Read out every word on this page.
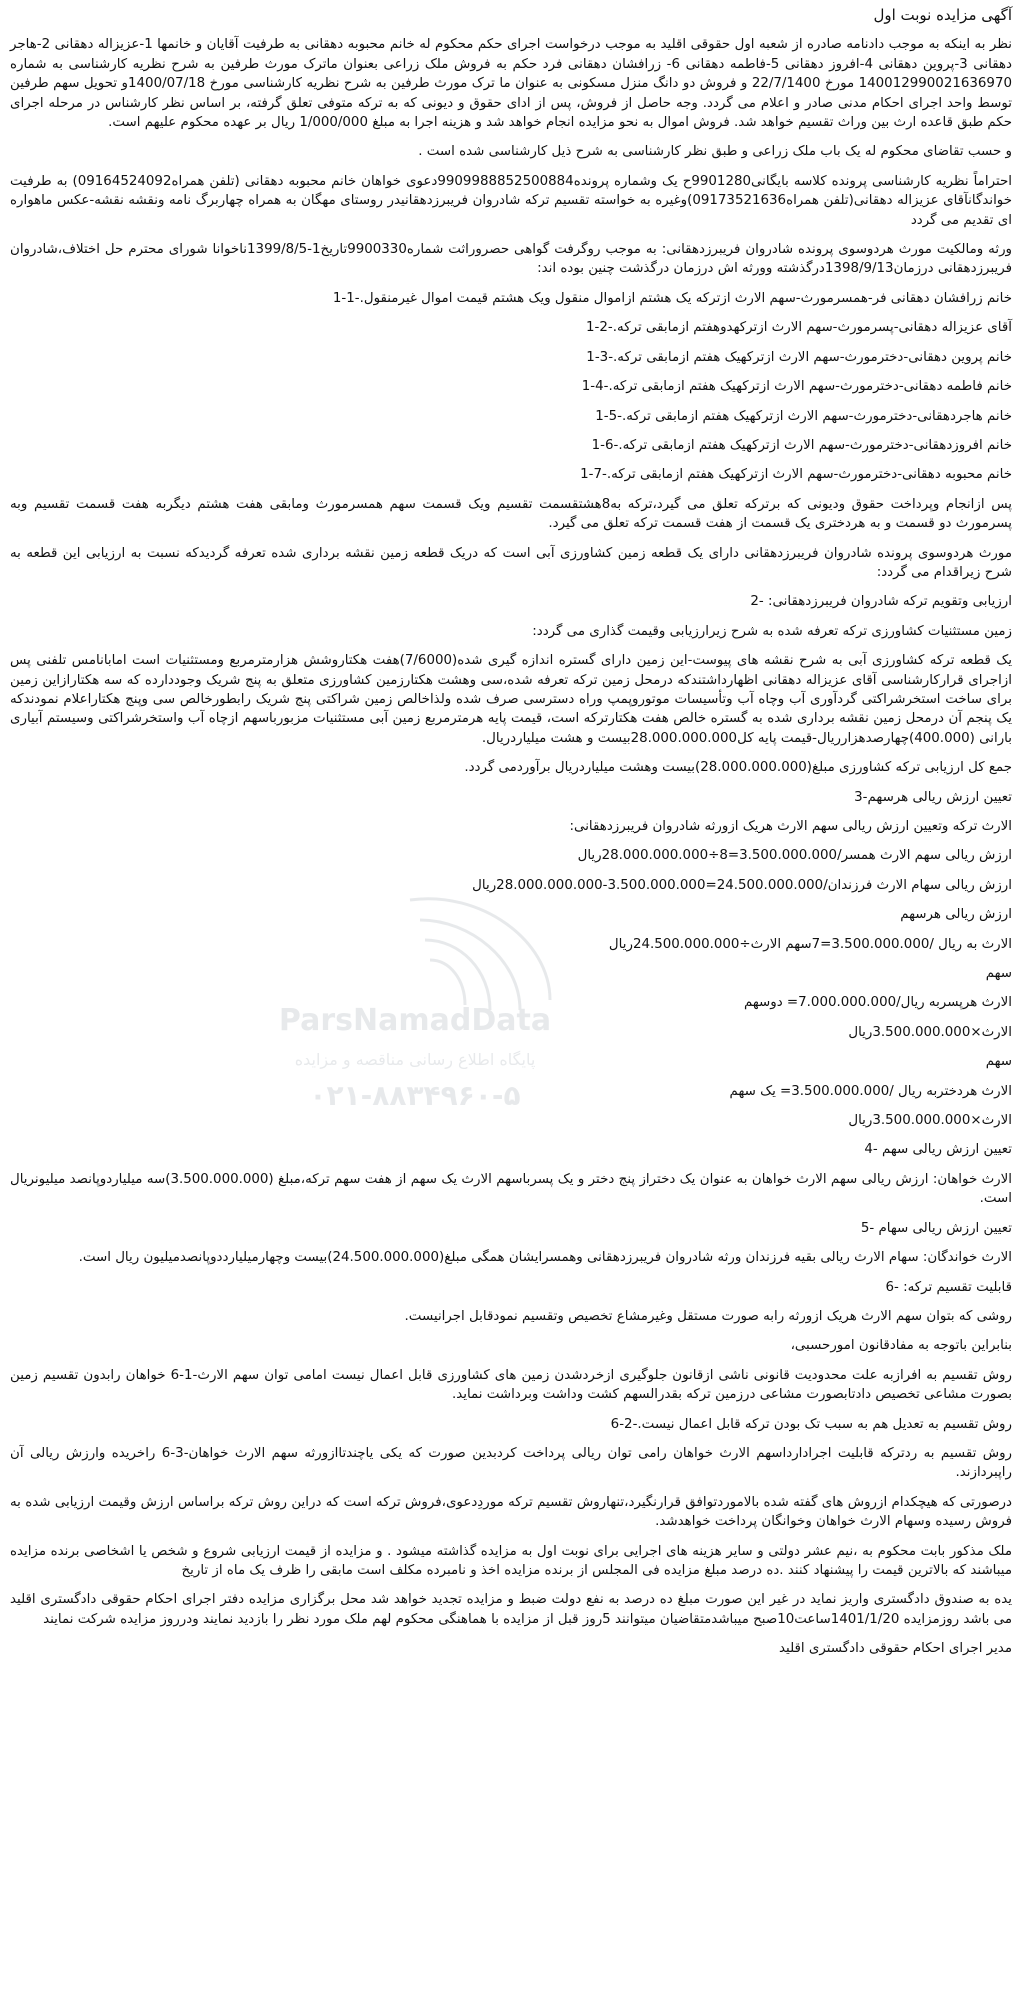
ParsNamadData
پایگاه اطلاع رسانی مناقصه و مزایده
۰۲۱-۸۸۳۴۹۶۰-۵

آگهی مزایده نوبت اول

نظر به اینکه به موجب دادنامه صادره از شعبه اول حقوقی اقلید به موجب درخواست اجرای حکم محکوم له خانم محبوبه دهقانی به طرفیت آقایان و خانمها 1-عزیزاله دهقانی 2-هاجر دهقانی 3-پروین دهقانی 4-افروز دهقانی 5-فاطمه دهقانی 6- زرافشان دهقانی فرد حکم به فروش ملک زراعی بعنوان ماترک مورث طرفین به شرح نظریه کارشناسی به شماره 140012990021636970 مورخ 22/7/1400 و فروش دو دانگ منزل مسکونی به عنوان ما ترک مورث طرفین به شرح نظریه کارشناسی مورخ 1400/07/18و تحویل سهم طرفین توسط واحد اجرای احکام مدنی صادر و اعلام می گردد. وجه حاصل از فروش، پس از ادای حقوق و دیونی که به ترکه متوفی تعلق گرفته، بر اساس نظر کارشناس در مرحله اجرای حکم طبق قاعده ارث بین وراث تقسیم خواهد شد. فروش اموال به نحو مزایده انجام خواهد شد و هزینه اجرا به مبلغ 1/000/000 ریال بر عهده محکوم علیهم است.

و حسب تقاضای محکوم له یک باب ملک زراعی و طبق نظر کارشناسی به شرح ذیل کارشناسی شده است .

احتراماً نظریه کارشناسی پرونده کلاسه بایگانی9901280ح یک وشماره پرونده9909988852500884دعوی خواهان خانم محبوبه دهقانی (تلفن همراه09164524092) به طرفیت خواندگانآقای عزیزاله دهقانی(تلفن همراه09173521636)وغیره به خواسته تقسیم ترکه شادروان فریبرزدهقانیدر روستای مهگان به همراه چهاربرگ نامه ونقشه نقشه-عکس ماهواره ای تقدیم می گردد

ورثه ومالکیت مورث هردوسوی پرونده شادروان فریبرزدهقانی: به موجب روگرفت گواهی حصروراثت شماره9900330تاریخ1-1399/8/5ناخوانا شورای محترم حل اختلاف،شادروان فریبرزدهقانی درزمان1398/9/13درگذشته وورثه اش درزمان درگذشت چنین بوده اند:

خانم زرافشان دهقانی فر-همسرمورث-سهم الارث ازترکه یک هشتم ازاموال منقول ویک هشتم قیمت اموال غیرمنقول.-1-1

آقای عزیزاله دهقانی-پسرمورث-سهم الارث ازترکهدوهفتم ازمابقی ترکه.-2-1

خانم پروین دهقانی-دخترمورث-سهم الارث ازترکهیک هفتم ازمابقی ترکه.-3-1

خانم فاطمه دهقانی-دخترمورث-سهم الارث ازترکهیک هفتم ازمابقی ترکه.-4-1

خانم هاجردهقانی-دخترمورث-سهم الارث ازترکهیک هفتم ازمابقی ترکه.-5-1

خانم افروزدهقانی-دخترمورث-سهم الارث ازترکهیک هفتم ازمابقی ترکه.-6-1

خانم محبوبه دهقانی-دخترمورث-سهم الارث ازترکهیک هفتم ازمابقی ترکه.-7-1

پس ازانجام وپرداخت حقوق ودیونی که برترکه تعلق می گیرد،ترکه به8هشتقسمت تقسیم ویک قسمت سهم همسرمورث ومابقی هفت هشتم دیگربه هفت قسمت تقسیم وبه پسرمورث دو قسمت و به هردختری یک قسمت از هفت قسمت ترکه تعلق می گیرد.

مورث هردوسوی پرونده شادروان فریبرزدهقانی دارای یک قطعه زمین کشاورزی آبی است که دریک قطعه زمین نقشه برداری شده تعرفه گردیدکه نسبت به ارزیابی این قطعه به شرح زیراقدام می گردد:

ارزیابی وتقویم ترکه شادروان فریبرزدهقانی: -2

زمین مستثنیات کشاورزی ترکه تعرفه شده به شرح زیرارزیابی وقیمت گذاری می گردد:

یک قطعه ترکه کشاورزی آبی به شرح نقشه های پیوست-این زمین دارای گستره اندازه گیری شده(7/6000)هفت هکتاروشش هزارمترمربع ومستثنیات است امابانامس تلفنی پس ازاجرای قرارکارشناسی آقای عزیزاله دهقانی اظهارداشتندکه درمحل زمین ترکه تعرفه شده،سی وهشت هکتارزمین کشاورزی متعلق به پنج شریک وجوددارده که سه هکتارازاین زمین برای ساخت استخرشراکتی گردآوری آب وچاه آب وتأسیسات موتوروپمپ وراه دسترسی صرف شده ولذاخالص زمین شراکتی پنج شریک رابطورخالص سی وپنج هکتاراعلام نمودندکه یک پنجم آن درمحل زمین نقشه برداری شده به گستره خالص هفت هکتارترکه است، قیمت پایه هرمترمربع زمین آبی مستثنیات مزبورباسهم ازچاه آب واستخرشراکتی وسیستم آبیاری بارانی (400.000)چهارصدهزارریال-قیمت پایه کل28.000.000.000بیست و هشت میلیاردریال.

جمع کل ارزیابی ترکه کشاورزی مبلغ(28.000.000.000)بیست وهشت میلیاردریال برآوردمی گردد.

تعیین ارزش ریالی هرسهم-3

الارث ترکه وتعیین ارزش ریالی سهم الارث هریک ازورثه شادروان فریبرزدهقانی:

ارزش ریالی سهم الارث همسر/3.500.000.000=8÷28.000.000.000ریال

ارزش ریالی سهام الارث فرزندان/24.500.000.000=3.500.000.000-28.000.000.000ریال

ارزش ریالی هرسهم

الارث به ریال /3.500.000.000=7سهم الارث÷24.500.000.000ریال

سهم

الارث هرپسربه ریال/7.000.000.000= دوسهم

الارث×3.500.000.000ریال

سهم

الارث هردختربه ریال /3.500.000.000= یک سهم

الارث×3.500.000.000ریال

تعیین ارزش ریالی سهم -4

الارث خواهان: ارزش ریالی سهم الارث خواهان به عنوان یک دختراز پنج دختر و یک پسرباسهم الارث یک سهم از هفت سهم ترکه،مبلغ (3.500.000.000)سه میلیاردوپانصد میلیونریال است.

تعیین ارزش ریالی سهام -5

الارث خواندگان: سهام الارث ریالی بقیه فرزندان ورثه شادروان فریبرزدهقانی وهمسرایشان همگی مبلغ(24.500.000.000)بیست وچهارمیلیارددوپانصدمیلیون ریال است.

قابلیت تقسیم ترکه: -6

روشی که بتوان سهم الارث هریک ازورثه رابه صورت مستقل وغیرمشاع تخصیص وتقسیم نمودقابل اجرانیست.

بنابراین باتوجه به مفادقانون امورحسبی،

روش تقسیم به افرازبه علت محدودیت قانونی ناشی ازقانون جلوگیری ازخردشدن زمین های کشاورزی قابل اعمال نیست امامی توان سهم الارث-1-6 خواهان رابدون تقسیم زمین بصورت مشاعی تخصیص دادتابصورت مشاعی درزمین ترکه بقدرالسهم کشت وداشت وبرداشت نماید.

روش تقسیم به تعدیل هم به سبب تک بودن ترکه قابل اعمال نیست.-2-6

روش تقسیم به ردترکه قابلیت اجرادارداسهم الارث خواهان رامی توان ریالی پرداخت کردبدین صورت که یکی یاچندتاازورثه سهم الارث خواهان-3-6 راخریده وارزش ریالی آن راپبردازند.

درصورتی که هیچکدام ازروش های گفته شده بالاموردتوافق قرارنگیرد،تنهاروش تقسیم ترکه موردِدعوی،فروش ترکه است که دراین روش ترکه براساس ارزش وقیمت ارزیابی شده به فروش رسیده وسهام الارث خواهان وخوانگان پرداخت خواهدشد.

ملک مذکور بابت محکوم به ،نیم عشر دولتی و سایر هزینه های اجرایی برای نوبت اول به مزایده گذاشته میشود . و مزایده از قیمت ارزیابی شروع و شخص یا اشخاصی برنده مزایده میباشند که بالاترین قیمت را پیشنهاد کنند .ده درصد مبلغ مزایده فی المجلس از برنده مزایده اخذ و نامبرده مکلف است مابقی را ظرف یک ماه از تاریخ

یده به صندوق دادگستری واریز نماید در غیر این صورت مبلغ ده درصد به نفع دولت ضبط و مزایده تجدید خواهد شد محل برگزاری مزایده دفتر اجرای احکام حقوقی دادگستری اقلید می باشد روزمزایده 1401/1/20ساعت10صبح میباشدمتقاضیان میتوانند 5روز قبل از مزایده با هماهنگی محکوم لهم ملک مورد نظر را بازدید نمایند ودرروز مزایده شرکت نمایند

مدیر اجرای احکام حقوقی دادگستری اقلید
